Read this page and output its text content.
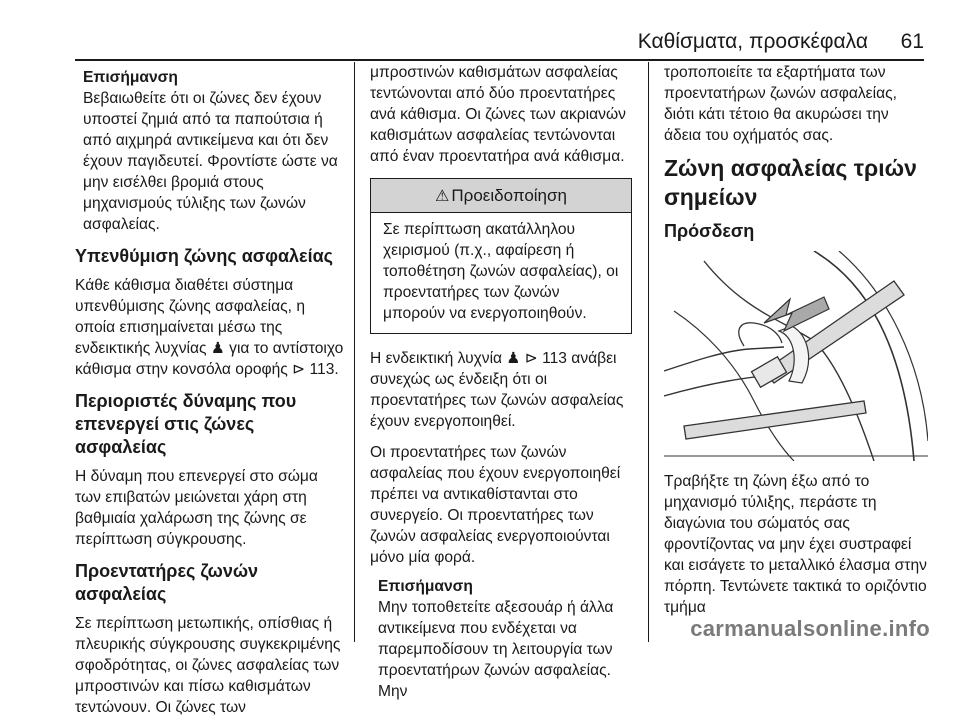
Καθίσματα, προσκέφαλα 61

Επισήμανση

Βεβαιωθείτε ότι οι ζώνες δεν έχουν υποστεί ζημιά από τα παπούτσια ή από αιχμηρά αντικείμενα και ότι δεν έχουν παγιδευτεί. Φροντίστε ώστε να μην εισέλθει βρομιά στους μηχανισμούς τύλιξης των ζωνών ασφαλείας.

Υπενθύμιση ζώνης ασφαλείας

Κάθε κάθισμα διαθέτει σύστημα υπενθύμισης ζώνης ασφαλείας, η οποία επισημαίνεται μέσω της ενδεικτικής λυχνίας ♟ για το αντίστοιχο κάθισμα στην κονσόλα οροφής ⊳ 113.

Περιοριστές δύναμης που επενεργεί στις ζώνες ασφαλείας

Η δύναμη που επενεργεί στο σώμα των επιβατών μειώνεται χάρη στη βαθμιαία χαλάρωση της ζώνης σε περίπτωση σύγκρουσης.

Προεντατήρες ζωνών ασφαλείας

Σε περίπτωση μετωπικής, οπίσθιας ή πλευρικής σύγκρουσης συγκεκριμένης σφοδρότητας, οι ζώνες ασφαλείας των μπροστινών και πίσω καθισμάτων τεντώνουν. Οι ζώνες των

μπροστινών καθισμάτων ασφαλείας τεντώνονται από δύο προεντατήρες ανά κάθισμα. Οι ζώνες των ακριανών καθισμάτων ασφαλείας τεντώνονται από έναν προεντατήρα ανά κάθισμα.

⚠ Προειδοποίηση
Σε περίπτωση ακατάλληλου χειρισμού (π.χ., αφαίρεση ή τοποθέτηση ζωνών ασφαλείας), οι προεντατήρες των ζωνών μπορούν να ενεργοποιηθούν.

Η ενδεικτική λυχνία ♟ ⊳ 113 ανάβει συνεχώς ως ένδειξη ότι οι προεντατήρες των ζωνών ασφαλείας έχουν ενεργοποιηθεί.

Οι προεντατήρες των ζωνών ασφαλείας που έχουν ενεργοποιηθεί πρέπει να αντικαθίστανται στο συνεργείο. Οι προεντατήρες των ζωνών ασφαλείας ενεργοποιούνται μόνο μία φορά.

Επισήμανση

Μην τοποθετείτε αξεσουάρ ή άλλα αντικείμενα που ενδέχεται να παρεμποδίσουν τη λειτουργία των προεντατήρων ζωνών ασφαλείας. Μην

τροποποιείτε τα εξαρτήματα των προεντατήρων ζωνών ασφαλείας, διότι κάτι τέτοιο θα ακυρώσει την άδεια του οχήματός σας.

Ζώνη ασφαλείας τριών σημείων
Πρόσδεση

Τραβήξτε τη ζώνη έξω από το μηχανισμό τύλιξης, περάστε τη διαγώνια του σώματός σας φροντίζοντας να μην έχει συστραφεί και εισάγετε το μεταλλικό έλασμα στην πόρπη. Τεντώνετε τακτικά το οριζόντιο τμήμα

carmanualsonline.info
